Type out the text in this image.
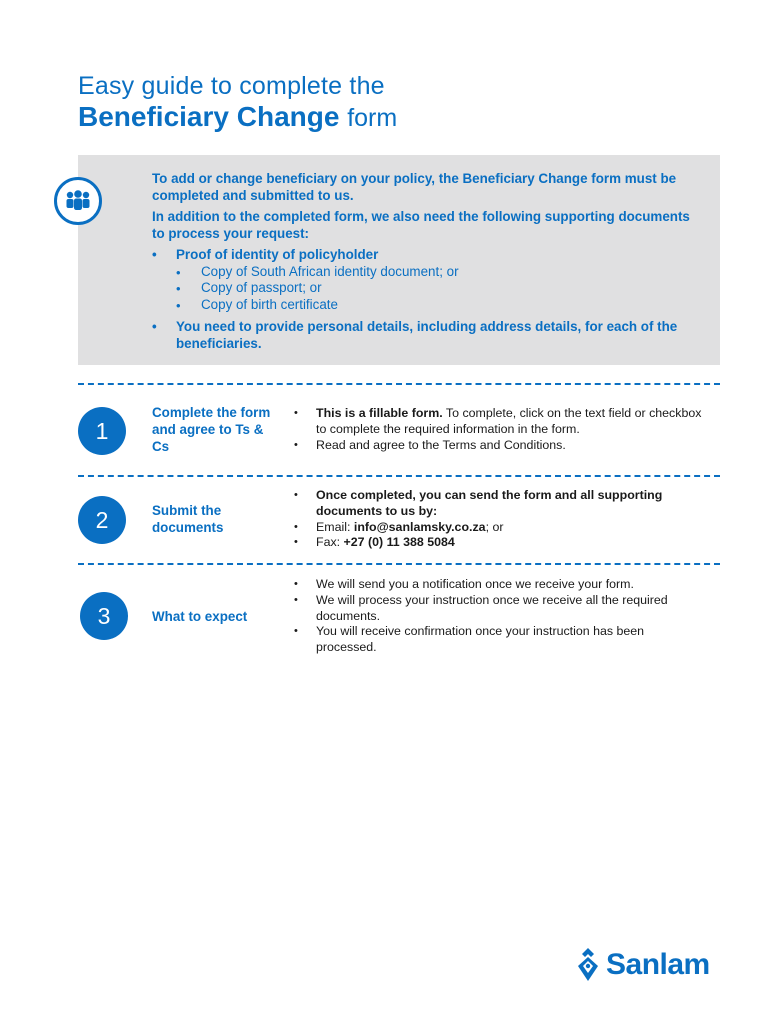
Easy guide to complete the
Beneficiary Change form

To add or change beneficiary on your policy, the Beneficiary Change form must be completed and submitted to us.

In addition to the completed form, we also need the following supporting documents to process your request:

• Proof of identity of policyholder
• Copy of South African identity document; or
• Copy of passport; or
• Copy of birth certificate
• You need to provide personal details, including address details, for each of the beneficiaries.
1
Complete the form and agree to Ts & Cs
• This is a fillable form. To complete, click on the text field or checkbox to complete the required information in the form.
• Read and agree to the Terms and Conditions.
2	Submit the documents
• Once completed, you can send the form and all supporting documents to us by:
• Email: info@sanlamsky.co.za; or
• Fax: +27 (0) 11 388 5084
3	What to expect
• We will send you a notification once we receive your form.
• We will process your instruction once we receive all the required documents.
• You will receive confirmation once your instruction has been processed.
Sanlam
